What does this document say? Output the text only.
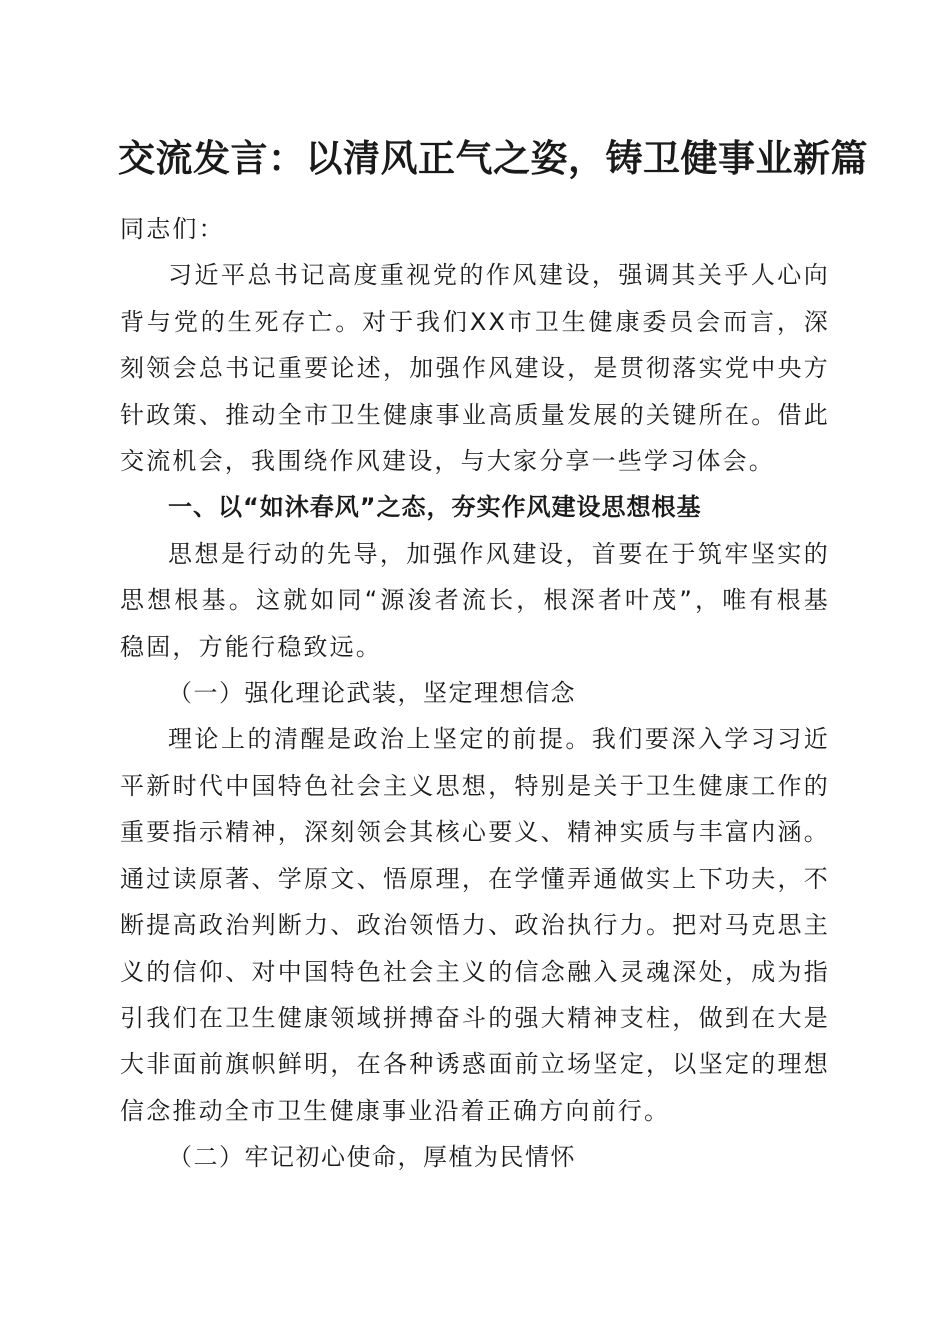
交流发言：以清风正气之姿，铸卫健事业新篇

同志们：

习近平总书记高度重视党的作风建设，强调其关乎人心向背与党的生死存亡。对于我们XX市卫生健康委员会而言，深刻领会总书记重要论述，加强作风建设，是贯彻落实党中央方针政策、推动全市卫生健康事业高质量发展的关键所在。借此交流机会，我围绕作风建设，与大家分享一些学习体会。

一、以“如沐春风”之态，夯实作风建设思想根基

思想是行动的先导，加强作风建设，首要在于筑牢坚实的思想根基。这就如同“源浚者流长，根深者叶茂”，唯有根基稳固，方能行稳致远。

（一）强化理论武装，坚定理想信念

理论上的清醒是政治上坚定的前提。我们要深入学习习近平新时代中国特色社会主义思想，特别是关于卫生健康工作的重要指示精神，深刻领会其核心要义、精神实质与丰富内涵。通过读原著、学原文、悟原理，在学懂弄通做实上下功夫，不断提高政治判断力、政治领悟力、政治执行力。把对马克思主义的信仰、对中国特色社会主义的信念融入灵魂深处，成为指引我们在卫生健康领域拼搏奋斗的强大精神支柱，做到在大是大非面前旗帜鲜明，在各种诱惑面前立场坚定，以坚定的理想信念推动全市卫生健康事业沿着正确方向前行。

（二）牢记初心使命，厚植为民情怀
